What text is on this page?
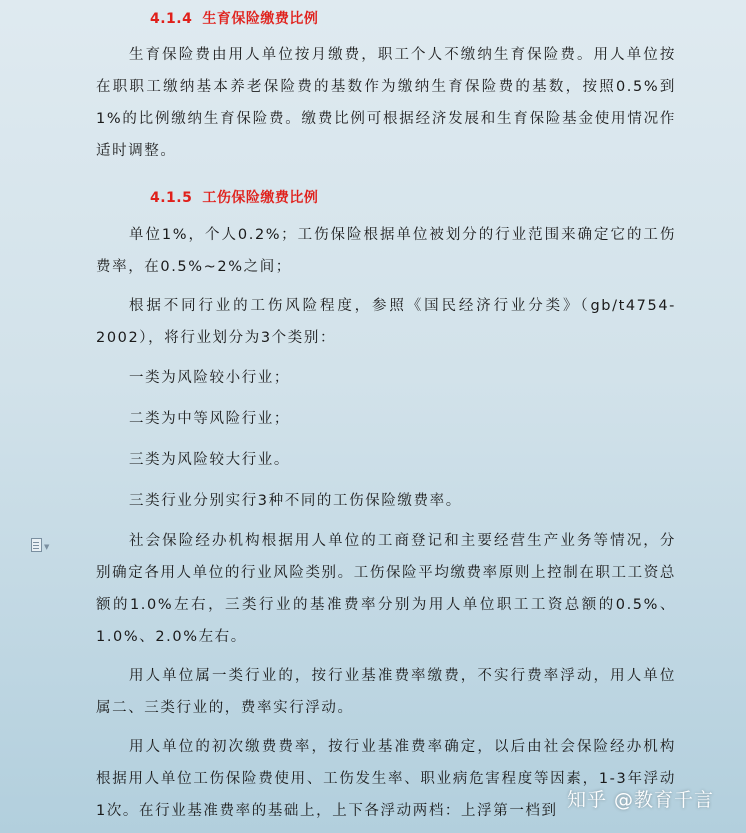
4.1.4 生育保险缴费比例
生育保险费由用人单位按月缴费，职工个人不缴纳生育保险费。用人单位按在职职工缴纳基本养老保险费的基数作为缴纳生育保险费的基数，按照0.5%到1%的比例缴纳生育保险费。缴费比例可根据经济发展和生育保险基金使用情况作适时调整。
4.1.5 工伤保险缴费比例
单位1%，个人0.2%；工伤保险根据单位被划分的行业范围来确定它的工伤费率，在0.5%~2%之间；
根据不同行业的工伤风险程度，参照《国民经济行业分类》（gb/t4754-2002），将行业划分为3个类别：
一类为风险较小行业；
二类为中等风险行业；
三类为风险较大行业。
三类行业分别实行3种不同的工伤保险缴费率。
▼	社会保险经办机构根据用人单位的工商登记和主要经营生产业务等情况，分别确定各用人单位的行业风险类别。工伤保险平均缴费率原则上控制在职工工资总额的1.0%左右，三类行业的基准费率分别为用人单位职工工资总额的0.5%、1.0%、2.0%左右。
用人单位属一类行业的，按行业基准费率缴费，不实行费率浮动，用人单位属二、三类行业的，费率实行浮动。
用人单位的初次缴费费率，按行业基准费率确定，以后由社会保险经办机构根据用人单位工伤保险费使用、工伤发生率、职业病危害程度等因素，1-3年浮动1次。在行业基准费率的基础上，上下各浮动两档：上浮第一档到 知乎 @教育千言
